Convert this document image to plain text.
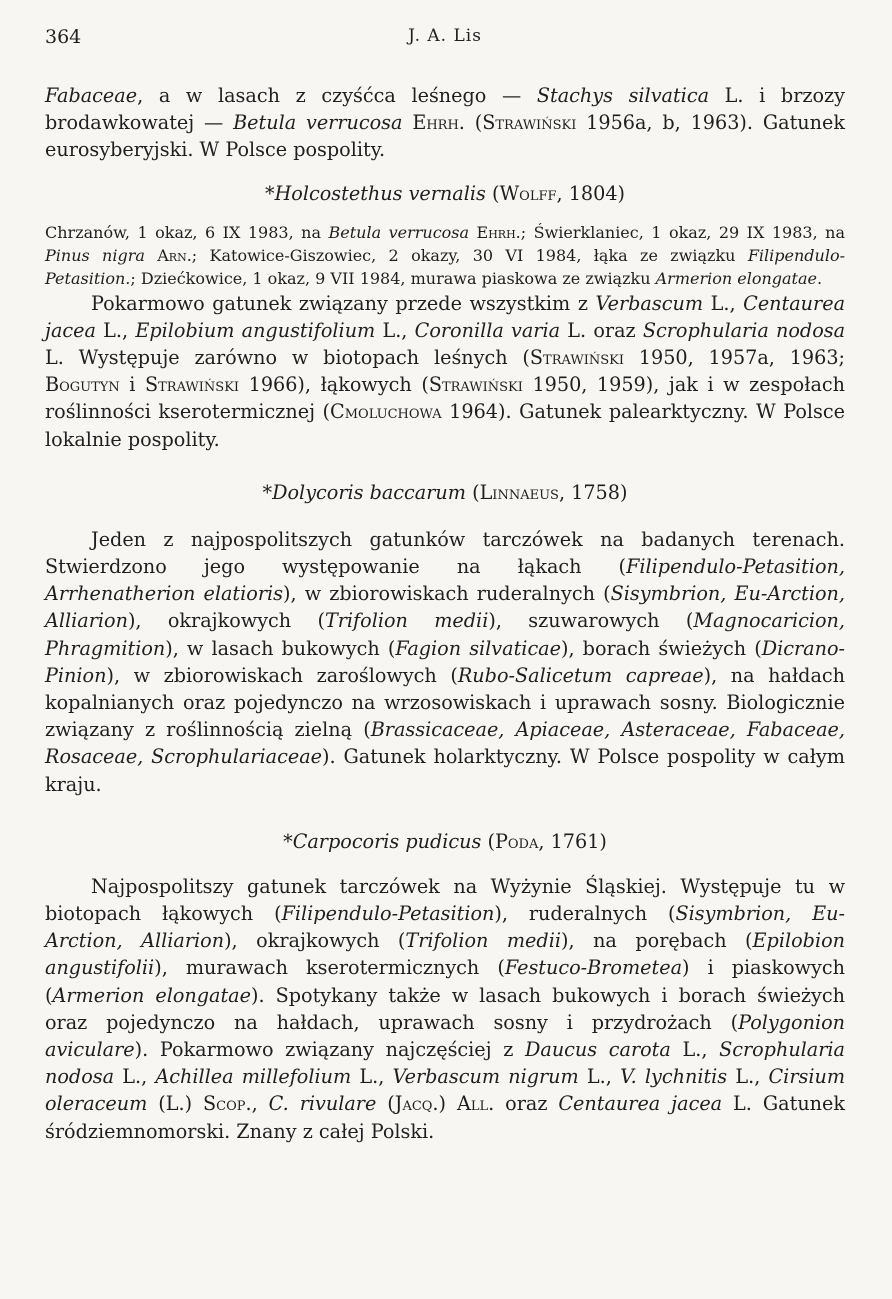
364	J. A. Lis

Fabaceae, a w lasach z czyśćca leśnego — Stachys silvatica L. i brzozy brodawkowatej — Betula verrucosa Ehrh. (Strawiński 1956a, b, 1963). Gatunek eurosyberyjski. W Polsce pospolity.

*Holcostethus vernalis (Wolff, 1804)

Chrzanów, 1 okaz, 6 IX 1983, na Betula verrucosa Ehrh.; Świerklaniec, 1 okaz, 29 IX 1983, na Pinus nigra Arn.; Katowice-Giszowiec, 2 okazy, 30 VI 1984, łąka ze związku Filipendulo-Petasition.; Dziećkowice, 1 okaz, 9 VII 1984, murawa piaskowa ze związku Armerion elongatae.

Pokarmowo gatunek związany przede wszystkim z Verbascum L., Centaurea jacea L., Epilobium angustifolium L., Coronilla varia L. oraz Scrophularia nodosa L. Występuje zarówno w biotopach leśnych (Strawiński 1950, 1957a, 1963; Bogutyn i Strawiński 1966), łąkowych (Strawiński 1950, 1959), jak i w zespołach roślinności kserotermicznej (Cmoluchowa 1964). Gatunek palearktyczny. W Polsce lokalnie pospolity.

*Dolycoris baccarum (Linnaeus, 1758)

Jeden z najpospolitszych gatunków tarczówek na badanych terenach. Stwierdzono jego występowanie na łąkach (Filipendulo-Petasition, Arrhenatherion elatioris), w zbiorowiskach ruderalnych (Sisymbrion, Eu-Arction, Alliarion), okrajkowych (Trifolion medii), szuwarowych (Magnocaricion, Phragmition), w lasach bukowych (Fagion silvaticae), borach świeżych (Dicrano-Pinion), w zbiorowiskach zaroślowych (Rubo-Salicetum capreae), na hałdach kopalnianych oraz pojedynczo na wrzosowiskach i uprawach sosny. Biologicznie związany z roślinnością zielną (Brassicaceae, Apiaceae, Asteraceae, Fabaceae, Rosaceae, Scrophulariaceae). Gatunek holarktyczny. W Polsce pospolity w całym kraju.

*Carpocoris pudicus (Poda, 1761)

Najpospolitszy gatunek tarczówek na Wyżynie Śląskiej. Występuje tu w biotopach łąkowych (Filipendulo-Petasition), ruderalnych (Sisymbrion, Eu-Arction, Alliarion), okrajkowych (Trifolion medii), na porębach (Epilobion angustifolii), murawach kserotermicznych (Festuco-Brometea) i piaskowych (Armerion elongatae). Spotykany także w lasach bukowych i borach świeżych oraz pojedynczo na hałdach, uprawach sosny i przydrożach (Polygonion aviculare). Pokarmowo związany najczęściej z Daucus carota L., Scrophularia nodosa L., Achillea millefolium L., Verbascum nigrum L., V. lychnitis L., Cirsium oleraceum (L.) Scop., C. rivulare (Jacq.) All. oraz Centaurea jacea L. Gatunek śródziemnomorski. Znany z całej Polski.
